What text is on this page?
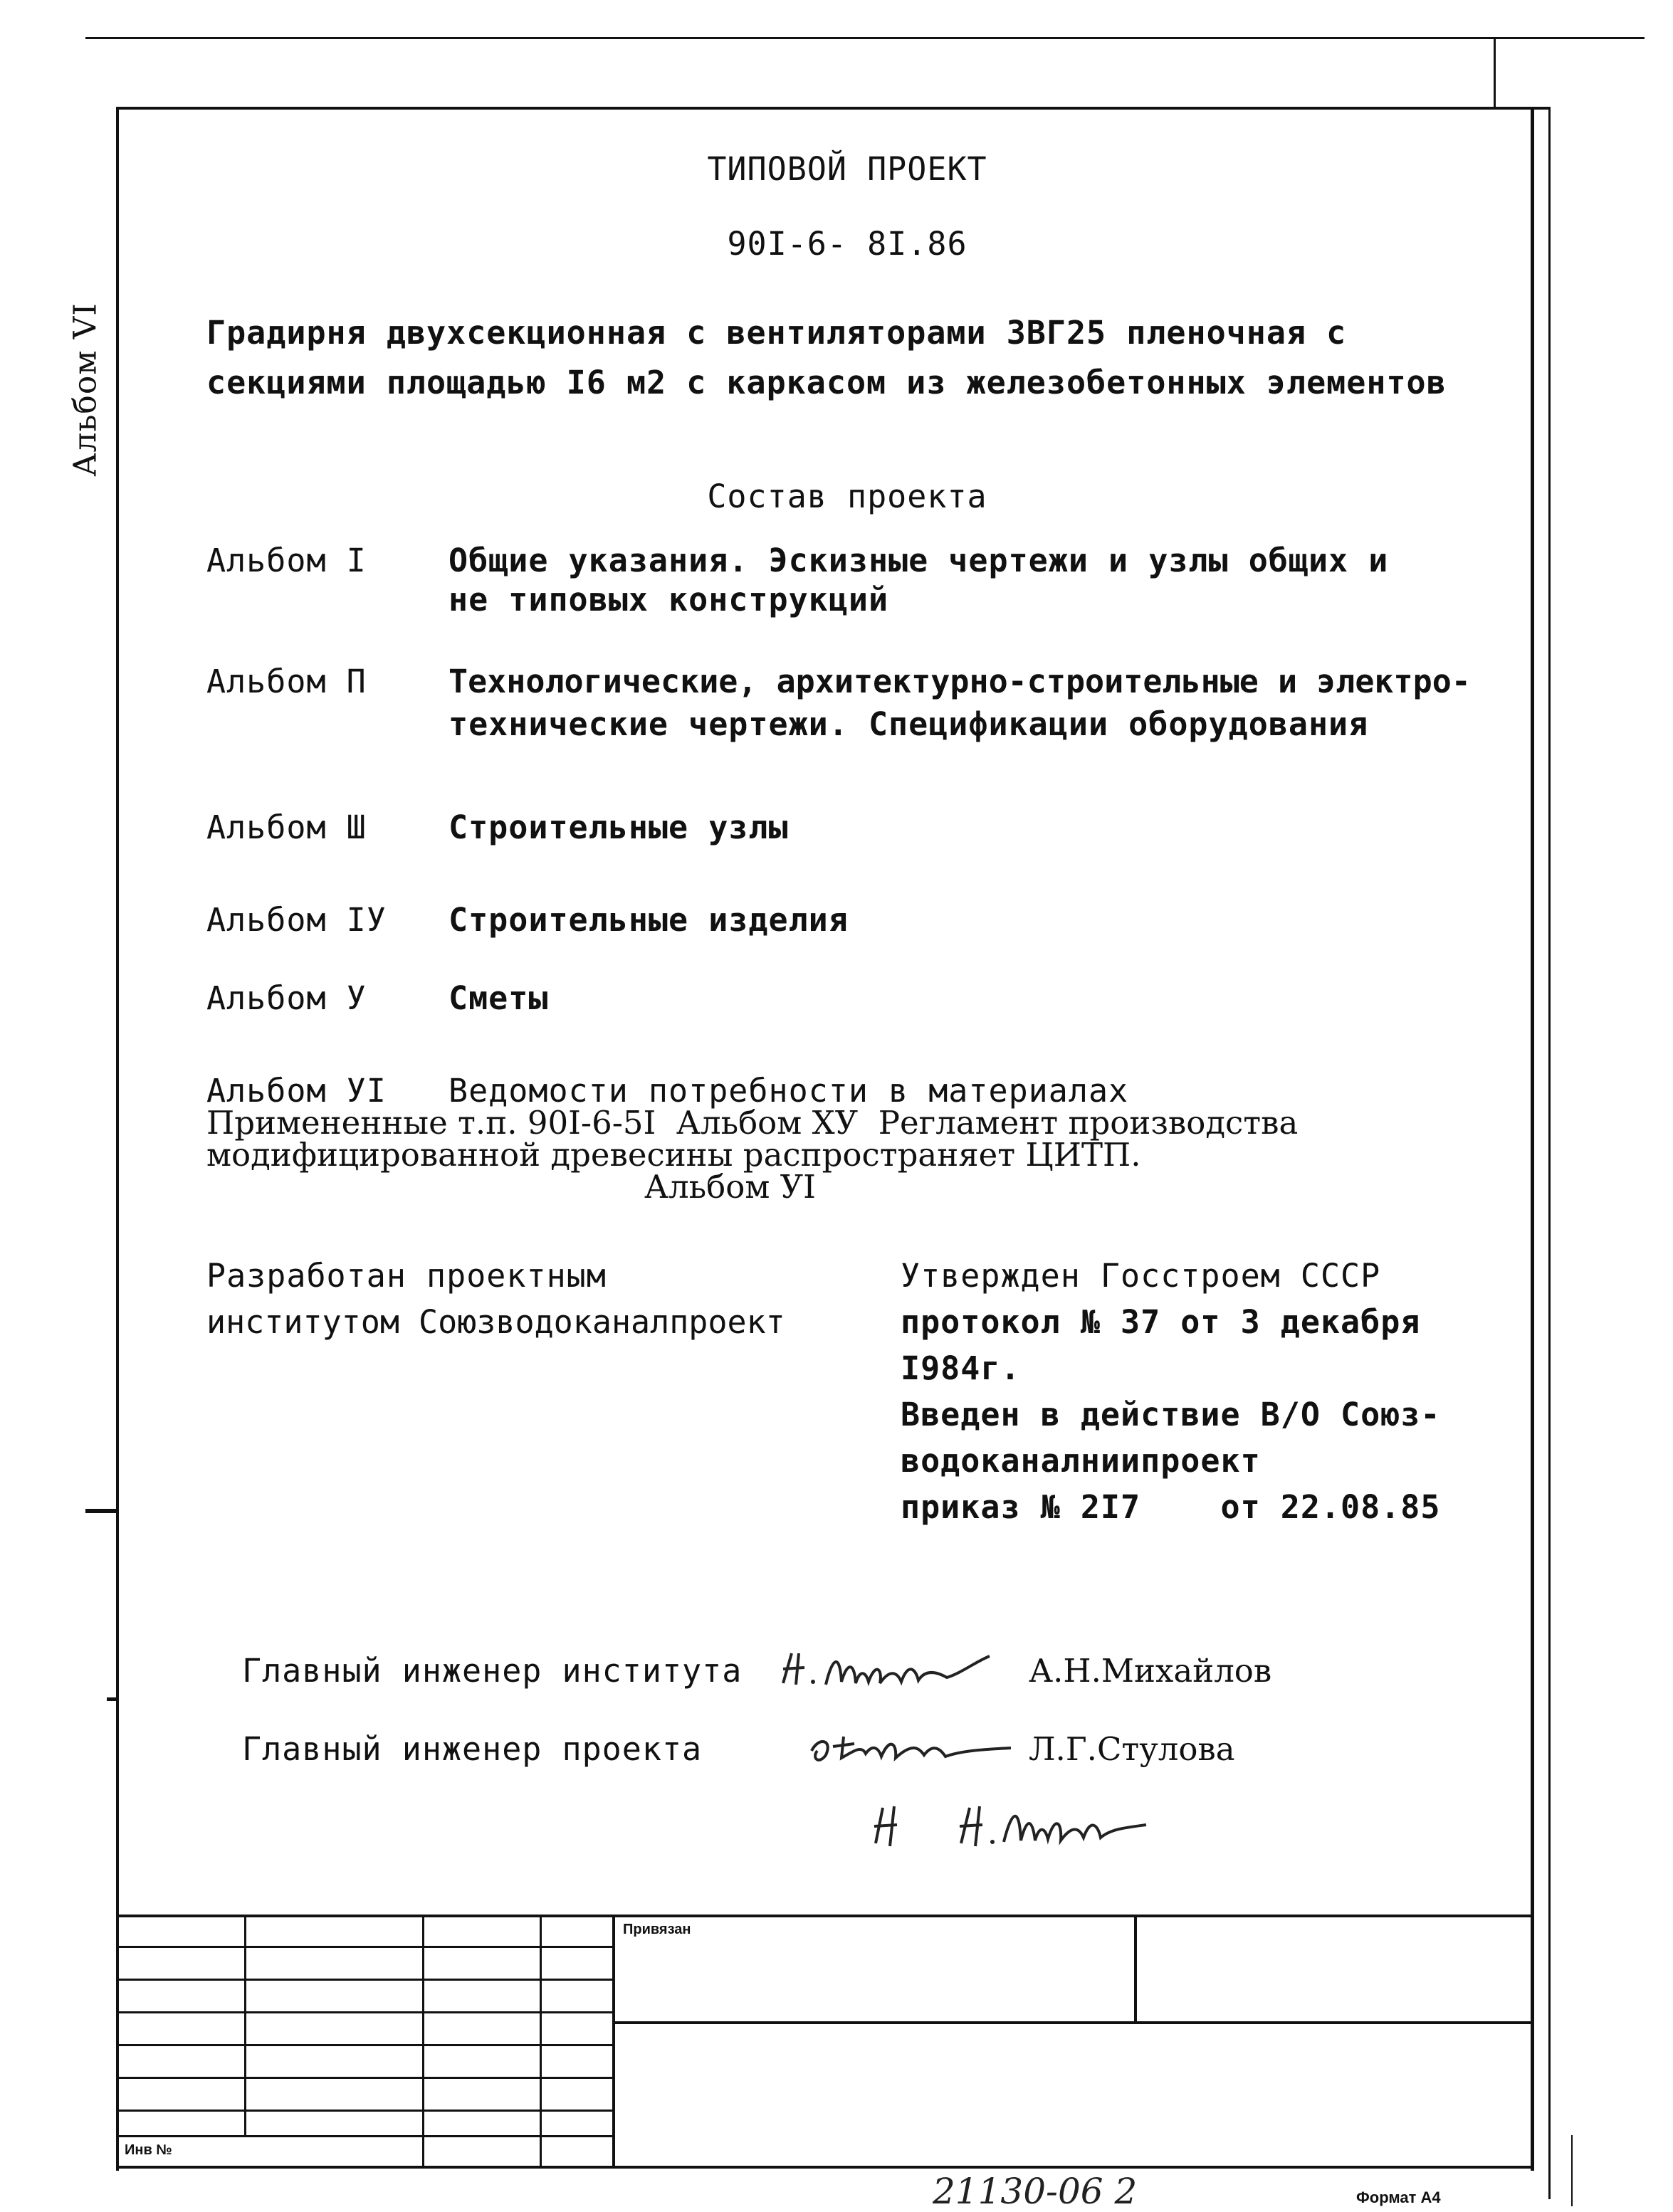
Альбом VI
ТИПОВОЙ ПРОЕКТ
90I-6- 8I.86
Градирня двухсекционная с вентиляторами ЗВГ25 пленочная с
секциями площадью I6 м2 с каркасом из железобетонных элементов
Состав проекта
Альбом I	Общие указания. Эскизные чертежи и узлы общих и
не типовых конструкций
Альбом П	Технологические, архитектурно-строительные и электро-
технические чертежи. Спецификации оборудования
Альбом Ш	Строительные узлы
Альбом IУ Строительные изделия
Альбом У	Сметы
Альбом УI Ведомости потребности в материалах
Примененные т.п. 90I-6-5I  Альбом ХУ  Регламент производства
модифицированной древесины распространяет ЦИТП.
Альбом УI
Разработан проектным
институтом Союзводоканалпроект
Утвержден Госстроем СССР
протокол № 37 от 3 декабря
I984г.
Введен в действие В/О Союз-
водоканалниипроект
приказ № 2I7    от 22.08.85
Главный инженер института	А.Н.Михайлов
Главный инженер проекта	Л.Г.Стулова
Привязан
Инв №
21130-06 2	Формат А4
